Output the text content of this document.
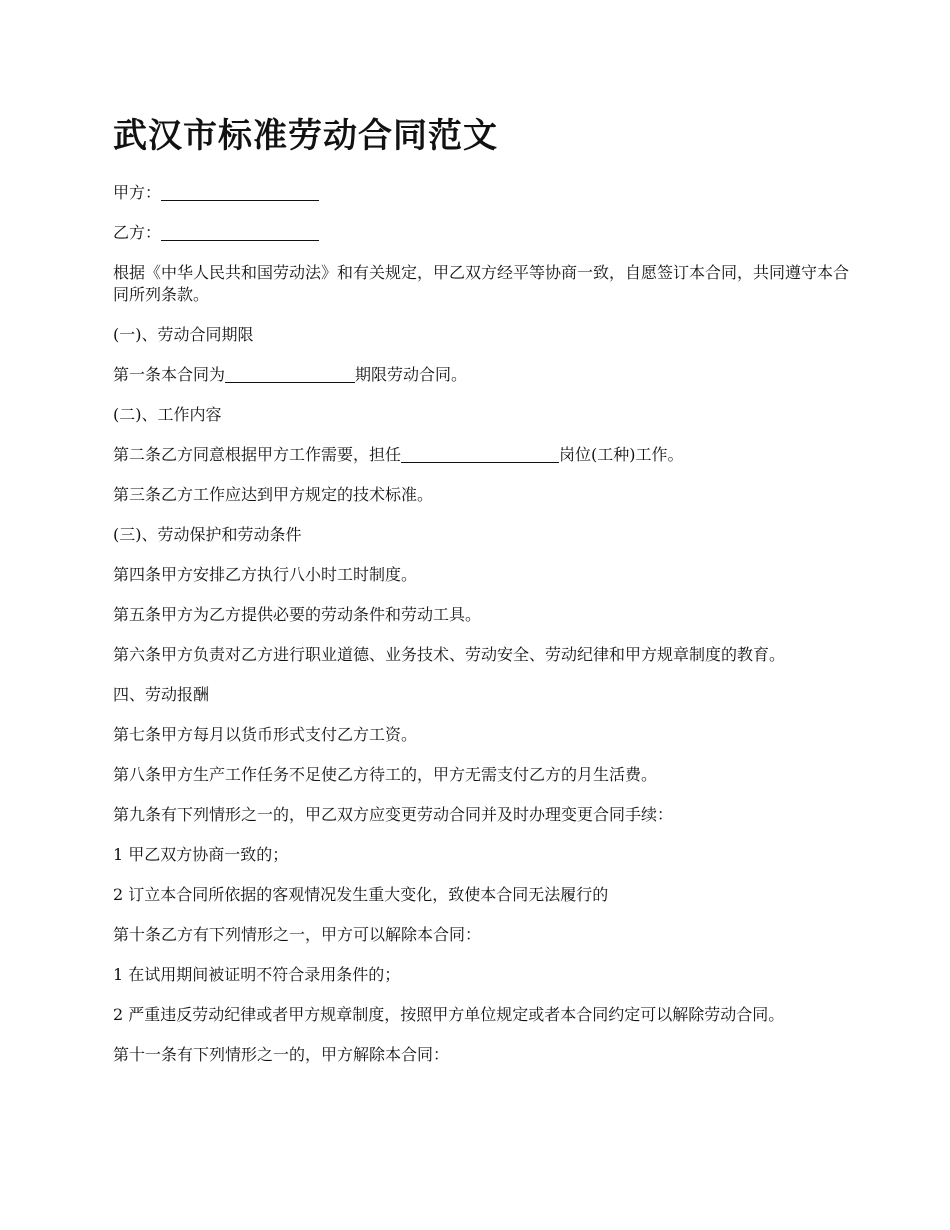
武汉市标准劳动合同范文

甲方：

乙方：

根据《中华人民共和国劳动法》和有关规定，甲乙双方经平等协商一致，自愿签订本合同，共同遵守本合同所列条款。

(一)、劳动合同期限

第一条本合同为	期限劳动合同。

(二)、工作内容

第二条乙方同意根据甲方工作需要，担任	岗位(工种)工作。

第三条乙方工作应达到甲方规定的技术标准。

(三)、劳动保护和劳动条件

第四条甲方安排乙方执行八小时工时制度。

第五条甲方为乙方提供必要的劳动条件和劳动工具。

第六条甲方负责对乙方进行职业道德、业务技术、劳动安全、劳动纪律和甲方规章制度的教育。

四、劳动报酬

第七条甲方每月以货币形式支付乙方工资。

第八条甲方生产工作任务不足使乙方待工的，甲方无需支付乙方的月生活费。

第九条有下列情形之一的，甲乙双方应变更劳动合同并及时办理变更合同手续：

1 甲乙双方协商一致的；

2 订立本合同所依据的客观情况发生重大变化，致使本合同无法履行的

第十条乙方有下列情形之一，甲方可以解除本合同：

1 在试用期间被证明不符合录用条件的；

2 严重违反劳动纪律或者甲方规章制度，按照甲方单位规定或者本合同约定可以解除劳动合同。

第十一条有下列情形之一的，甲方解除本合同：
